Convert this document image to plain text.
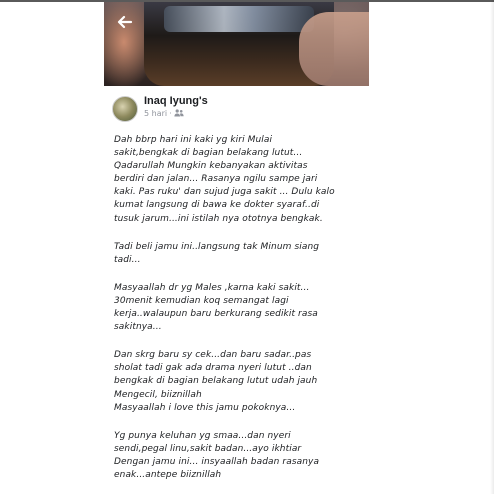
Inaq Iyung's
5 hari ·
Dah bbrp hari ini kaki yg kiri Mulai
sakit,bengkak di bagian belakang lutut...
Qadarullah Mungkin kebanyakan aktivitas
berdiri dan jalan... Rasanya ngilu sampe jari
kaki. Pas ruku' dan sujud juga sakit ... Dulu kalo
kumat langsung di bawa ke dokter syaraf..di
tusuk jarum...ini istilah nya ototnya bengkak.
Tadi beli jamu ini..langsung tak Minum siang
tadi...
Masyaallah dr yg Males ,karna kaki sakit...
30menit kemudian koq semangat lagi
kerja..walaupun baru berkurang sedikit rasa
sakitnya...
Dan skrg baru sy cek...dan baru sadar..pas
sholat tadi gak ada drama nyeri lutut ..dan
bengkak di bagian belakang lutut udah jauh
Mengecil, biiznillah
Masyaallah i love this jamu pokoknya...
Yg punya keluhan yg smaa...dan nyeri
sendi,pegal linu,sakit badan...ayo ikhtiar
Dengan jamu ini... insyaallah badan rasanya
enak...antepe biiznillah
